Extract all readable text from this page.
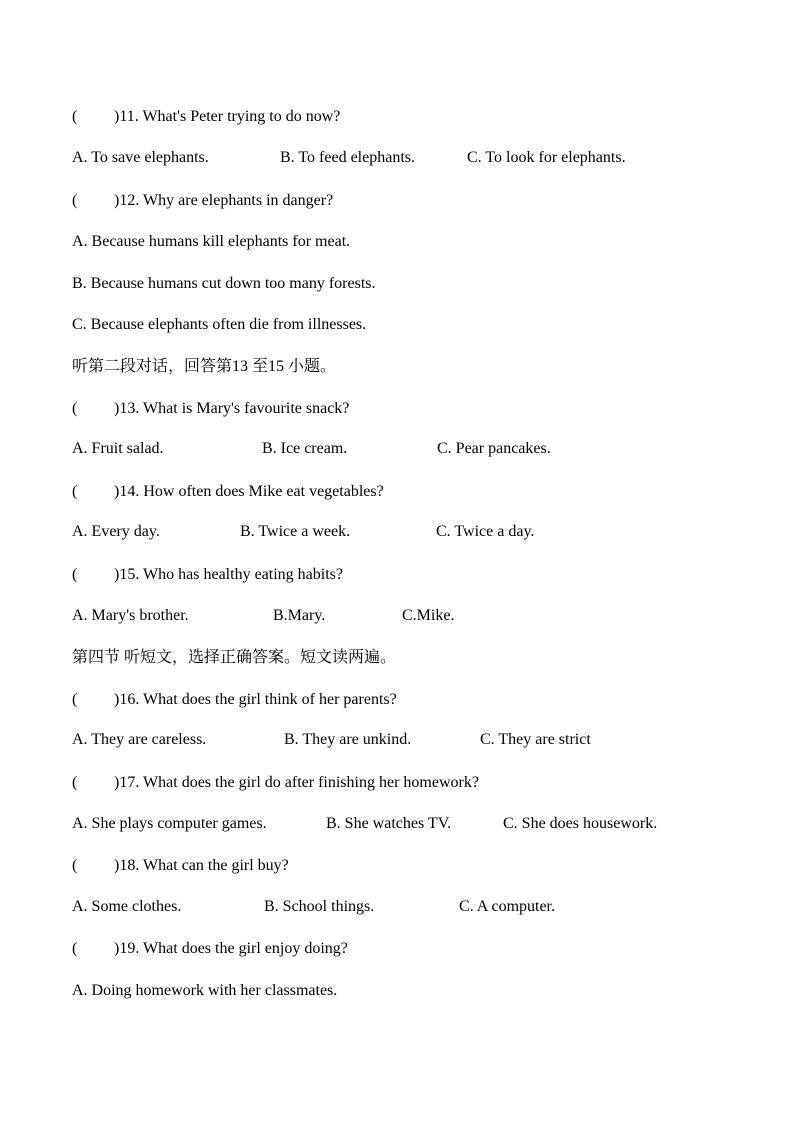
( )11. What's Peter trying to do now?
A. To save elephants.	B. To feed elephants.	C. To look for elephants.
( )12. Why are elephants in danger?
A. Because humans kill elephants for meat.
B. Because humans cut down too many forests.
C. Because elephants often die from illnesses.
听第二段对话，回答第13 至15 小题。
( )13. What is Mary's favourite snack?
A. Fruit salad.	B. Ice cream.	C. Pear pancakes.
( )14. How often does Mike eat vegetables?
A. Every day.	B. Twice a week.	C. Twice a day.
( )15. Who has healthy eating habits?
A. Mary's brother.	B.Mary.	C.Mike.
第四节 听短文，选择正确答案。短文读两遍。
( )16. What does the girl think of her parents?
A. They are careless.	B. They are unkind.	C. They are strict
( )17. What does the girl do after finishing her homework?
A. She plays computer games.	B. She watches TV.	C. She does housework.
( )18. What can the girl buy?
A. Some clothes.	B. School things.	C. A computer.
( )19. What does the girl enjoy doing?
A. Doing homework with her classmates.
